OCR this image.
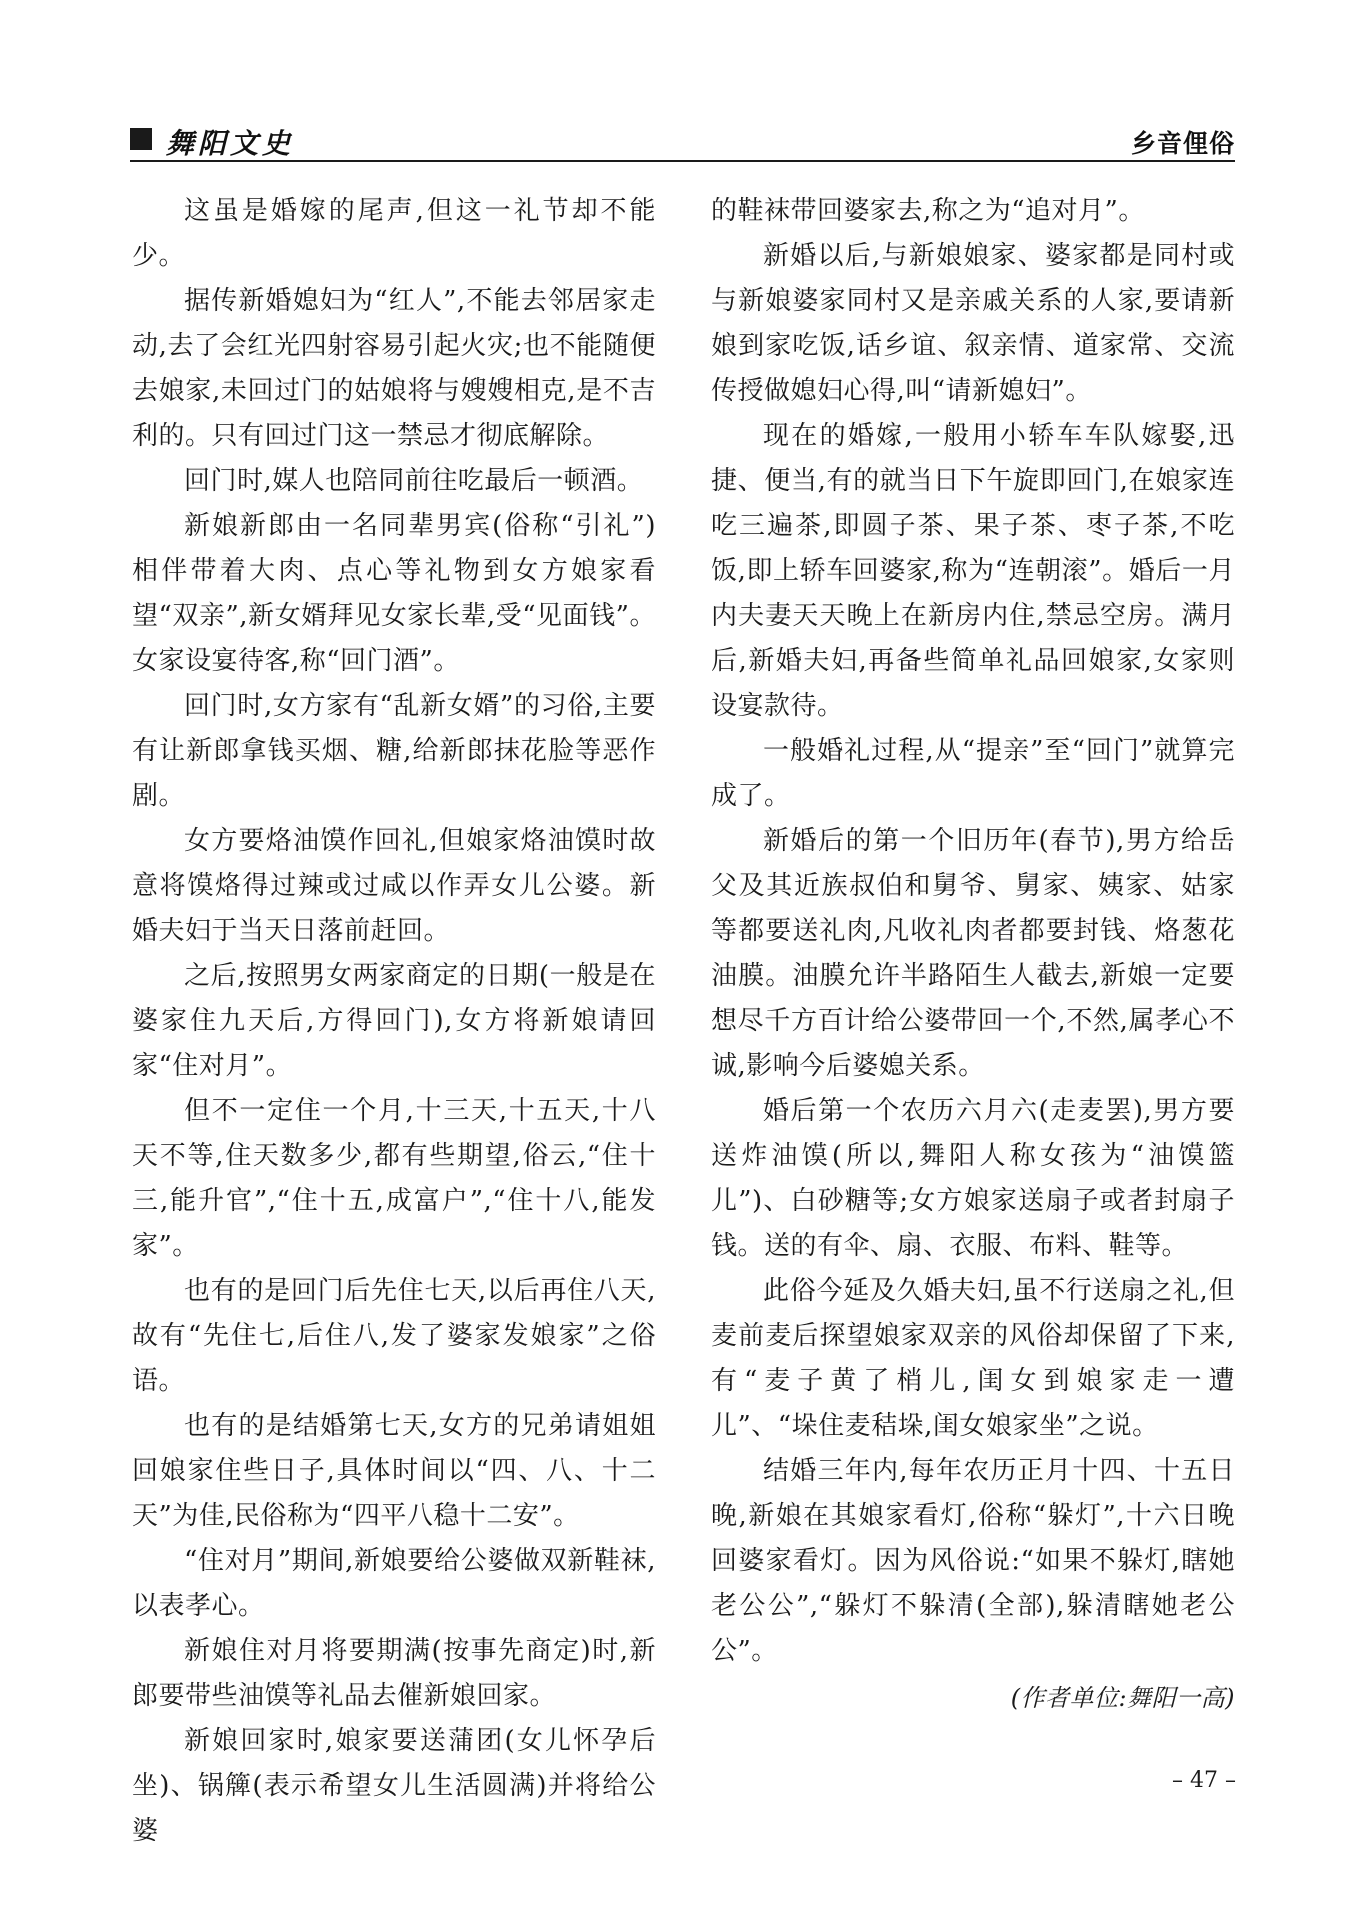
舞阳文史	乡音俚俗

这虽是婚嫁的尾声,但这一礼节却不能少。

据传新婚媳妇为“红人”,不能去邻居家走动,去了会红光四射容易引起火灾;也不能随便去娘家,未回过门的姑娘将与嫂嫂相克,是不吉利的。只有回过门这一禁忌才彻底解除。

回门时,媒人也陪同前往吃最后一顿酒。

新娘新郎由一名同辈男宾(俗称“引礼”)相伴带着大肉、点心等礼物到女方娘家看望“双亲”,新女婿拜见女家长辈,受“见面钱”。女家设宴待客,称“回门酒”。

回门时,女方家有“乱新女婿”的习俗,主要有让新郎拿钱买烟、糖,给新郎抹花脸等恶作剧。

女方要烙油馍作回礼,但娘家烙油馍时故意将馍烙得过辣或过咸以作弄女儿公婆。新婚夫妇于当天日落前赶回。

之后,按照男女两家商定的日期(一般是在婆家住九天后,方得回门),女方将新娘请回家“住对月”。

但不一定住一个月,十三天,十五天,十八天不等,住天数多少,都有些期望,俗云,“住十三,能升官”,“住十五,成富户”,“住十八,能发家”。

也有的是回门后先住七天,以后再住八天,故有“先住七,后住八,发了婆家发娘家”之俗语。

也有的是结婚第七天,女方的兄弟请姐姐回娘家住些日子,具体时间以“四、八、十二天”为佳,民俗称为“四平八稳十二安”。

“住对月”期间,新娘要给公婆做双新鞋袜,以表孝心。

新娘住对月将要期满(按事先商定)时,新郎要带些油馍等礼品去催新娘回家。

新娘回家时,娘家要送蒲团(女儿怀孕后坐)、锅簰(表示希望女儿生活圆满)并将给公婆

的鞋袜带回婆家去,称之为“追对月”。

新婚以后,与新娘娘家、婆家都是同村或与新娘婆家同村又是亲戚关系的人家,要请新娘到家吃饭,话乡谊、叙亲情、道家常、交流传授做媳妇心得,叫“请新媳妇”。

现在的婚嫁,一般用小轿车车队嫁娶,迅捷、便当,有的就当日下午旋即回门,在娘家连吃三遍茶,即圆子茶、果子茶、枣子茶,不吃饭,即上轿车回婆家,称为“连朝滚”。婚后一月内夫妻天天晚上在新房内住,禁忌空房。满月后,新婚夫妇,再备些简单礼品回娘家,女家则设宴款待。

一般婚礼过程,从“提亲”至“回门”就算完成了。

新婚后的第一个旧历年(春节),男方给岳父及其近族叔伯和舅爷、舅家、姨家、姑家等都要送礼肉,凡收礼肉者都要封钱、烙葱花油膜。油膜允许半路陌生人截去,新娘一定要想尽千方百计给公婆带回一个,不然,属孝心不诚,影响今后婆媳关系。

婚后第一个农历六月六(走麦罢),男方要送炸油馍(所以,舞阳人称女孩为“油馍篮儿”)、白砂糖等;女方娘家送扇子或者封扇子钱。送的有伞、扇、衣服、布料、鞋等。

此俗今延及久婚夫妇,虽不行送扇之礼,但麦前麦后探望娘家双亲的风俗却保留了下来,有“麦子黄了梢儿,闺女到娘家走一遭儿”、“垛住麦秸垛,闺女娘家坐”之说。

结婚三年内,每年农历正月十四、十五日晚,新娘在其娘家看灯,俗称“躲灯”,十六日晚回婆家看灯。因为风俗说:“如果不躲灯,瞎她老公公”,“躲灯不躲清(全部),躲清瞎她老公公”。

(作者单位:舞阳一高)
– 47 –
